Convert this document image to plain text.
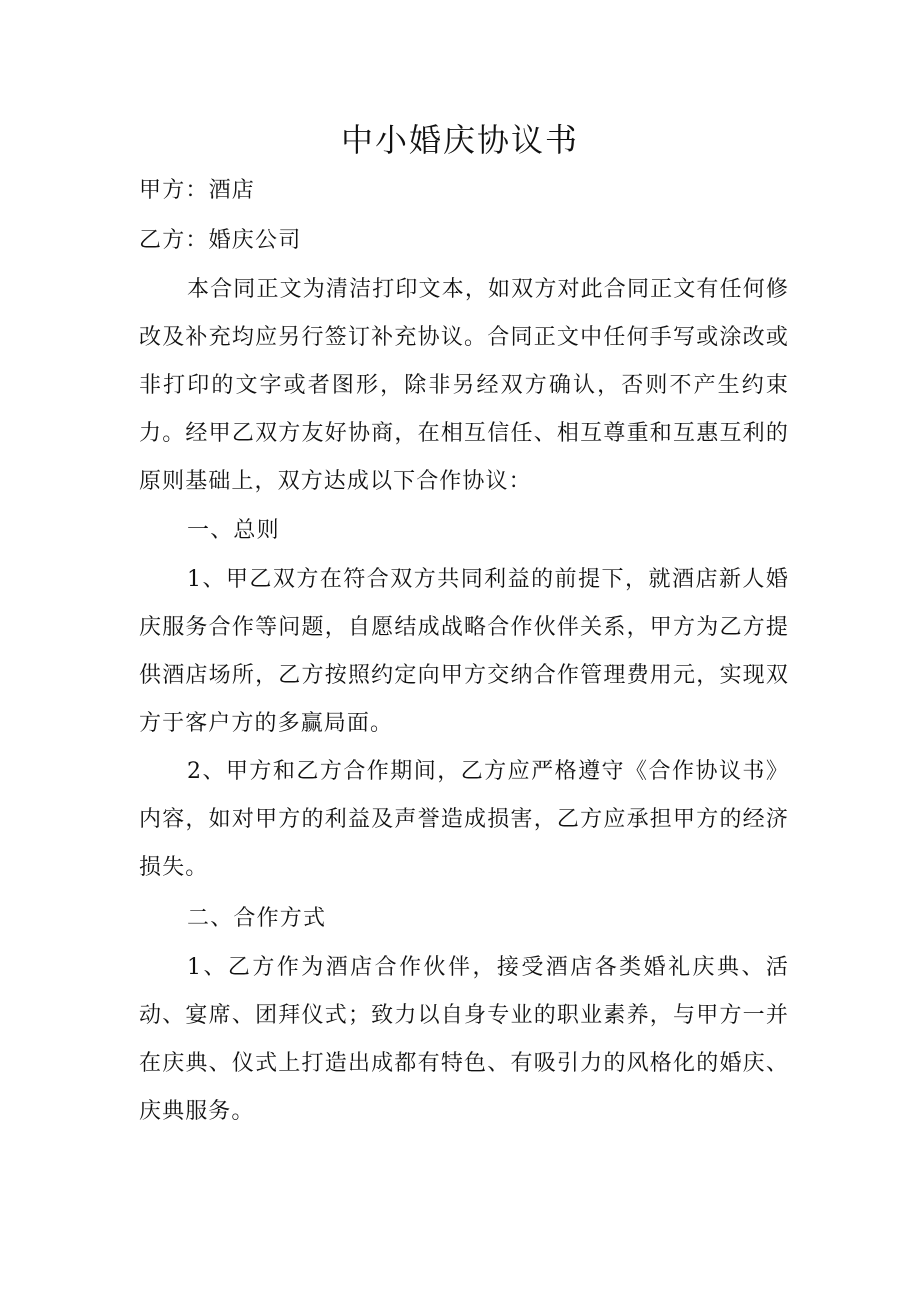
中小婚庆协议书

甲方：酒店

乙方：婚庆公司

本合同正文为清洁打印文本，如双方对此合同正文有任何修改及补充均应另行签订补充协议。合同正文中任何手写或涂改或非打印的文字或者图形，除非另经双方确认，否则不产生约束力。经甲乙双方友好协商，在相互信任、相互尊重和互惠互利的原则基础上，双方达成以下合作协议：

一、总则

1、甲乙双方在符合双方共同利益的前提下，就酒店新人婚庆服务合作等问题，自愿结成战略合作伙伴关系，甲方为乙方提供酒店场所，乙方按照约定向甲方交纳合作管理费用元，实现双方于客户方的多赢局面。

2、甲方和乙方合作期间，乙方应严格遵守《合作协议书》内容，如对甲方的利益及声誉造成损害，乙方应承担甲方的经济损失。

二、合作方式

1、乙方作为酒店合作伙伴，接受酒店各类婚礼庆典、活动、宴席、团拜仪式；致力以自身专业的职业素养，与甲方一并在庆典、仪式上打造出成都有特色、有吸引力的风格化的婚庆、庆典服务。
